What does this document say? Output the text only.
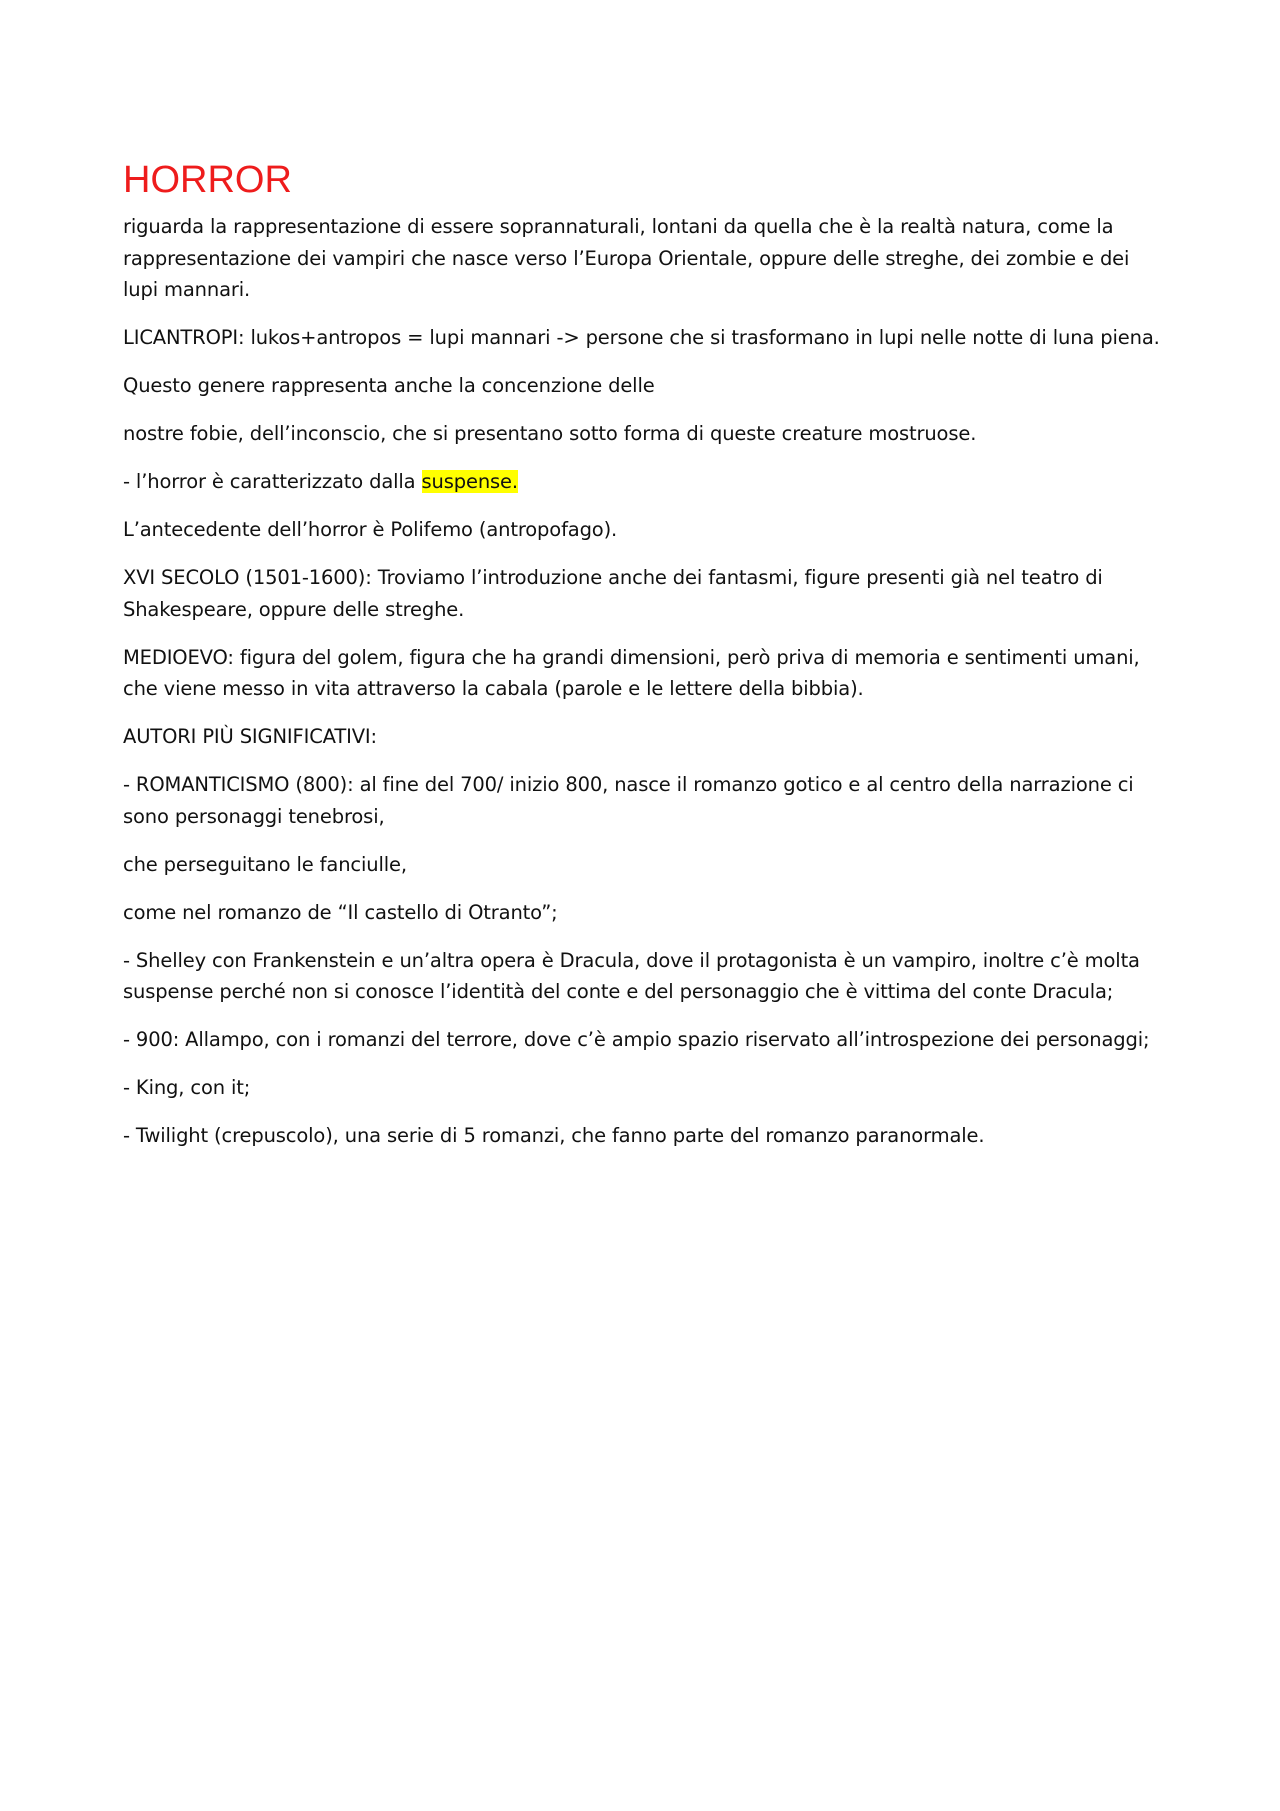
HORROR

riguarda la rappresentazione di essere soprannaturali, lontani da quella che è la realtà natura, come la rappresentazione dei vampiri che nasce verso l’Europa Orientale, oppure delle streghe, dei zombie e dei lupi mannari.

LICANTROPI: lukos+antropos = lupi mannari -> persone che si trasformano in lupi nelle notte di luna piena.

Questo genere rappresenta anche la concenzione delle

nostre fobie, dell’inconscio, che si presentano sotto forma di queste creature mostruose.

- l’horror è caratterizzato dalla suspense.

L’antecedente dell’horror è Polifemo (antropofago).

XVI SECOLO (1501-1600): Troviamo l’introduzione anche dei fantasmi, figure presenti già nel teatro di Shakespeare, oppure delle streghe.

MEDIOEVO: figura del golem, figura che ha grandi dimensioni, però priva di memoria e sentimenti umani, che viene messo in vita attraverso la cabala (parole e le lettere della bibbia).

AUTORI PIÙ SIGNIFICATIVI:

- ROMANTICISMO (800): al fine del 700/ inizio 800, nasce il romanzo gotico e al centro della narrazione ci sono personaggi tenebrosi,

che perseguitano le fanciulle,

come nel romanzo de “Il castello di Otranto”;

- Shelley con Frankenstein e un’altra opera è Dracula, dove il protagonista è un vampiro, inoltre c’è molta suspense perché non si conosce l’identità del conte e del personaggio che è vittima del conte Dracula;

- 900: Allampo, con i romanzi del terrore, dove c’è ampio spazio riservato all’introspezione dei personaggi;

- King, con it;

- Twilight (crepuscolo), una serie di 5 romanzi, che fanno parte del romanzo paranormale.
